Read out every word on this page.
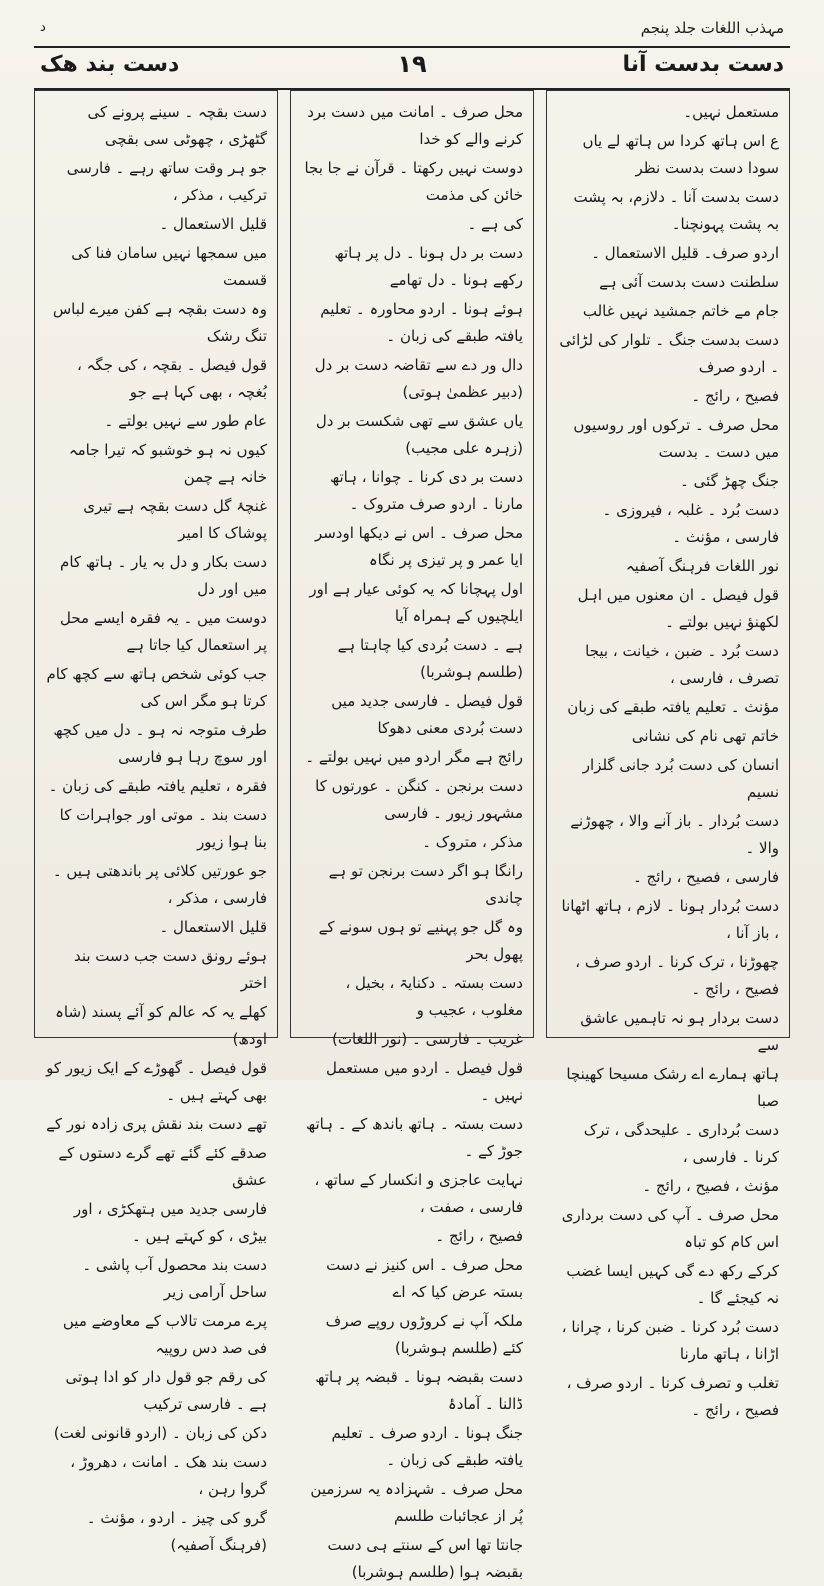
مہذب اللغات جلد پنجم
د
دست بدست آنا
١٩
دست بند ھک

مستعمل نہیں۔

ع اس ہاتھ کردا س ہاتھ لے یاں سودا دست بدست نظر

دست بدست آنا ۔ دلازم، بہ پشت بہ پشت پہونچنا۔

اردو صرف۔ قلیل الاستعمال ۔

سلطنت دست بدست آئی ہے

جام مے خاتم جمشید نہیں غالب

دست بدست جنگ ۔ تلوار کی لڑائی ۔ اردو صرف

فصیح ، رائج ۔

محل صرف ۔ ترکوں اور روسیوں میں دست ۔ بدست

جنگ چھڑ گئی ۔

دست بُرد ۔ غلبہ ، فیروزی ۔ فارسی ، مؤنث ۔

نور اللغات فرہنگ آصفیہ

قول فیصل ۔ ان معنوں میں اہل لکھنؤ نہیں بولتے ۔

دست بُرد ۔ ضبن ، خیانت ، بیجا تصرف ، فارسی ،

مؤنث ۔ تعلیم یافتہ طبقے کی زبان

خاتم تھی نام کی نشانی

انسان کی دست بُرد جانی گلزار نسیم

دست بُردار ۔ باز آنے والا ، چھوڑنے والا ۔

فارسی ، فصیح ، رائج ۔

دست بُردار ہونا ۔ لازم ، ہاتھ اٹھانا ، باز آنا ،

چھوڑنا ، ترک کرنا ۔ اردو صرف ، فصیح ، رائج ۔

دست بردار ہو نہ تاہمیں عاشق سے

ہاتھ ہمارے اے رشک مسیحا کھینچا صبا

دست بُرداری ۔ علیحدگی ، ترک کرنا ۔ فارسی ،

مؤنث ، فصیح ، رائج ۔

محل صرف ۔ آپ کی دست برداری اس کام کو تباہ

کرکے رکھ دے گی کہیں ایسا غضب نہ کیجئے گا ۔

دست بُرد کرنا ۔ ضبن کرنا ، چرانا ، اڑانا ، ہاتھ مارنا

تغلب و تصرف کرنا ۔ اردو صرف ، فصیح ، رائج ۔

محل صرف ۔ امانت میں دست برد کرنے والے کو خدا

دوست نہیں رکھتا ۔ قرآن نے جا بجا خائن کی مذمت

کی ہے ۔

دست بر دل ہونا ۔ دل پر ہاتھ رکھے ہونا ۔ دل تھامے

ہوئے ہونا ۔ اردو محاورہ ۔ تعلیم یافتہ طبقے کی زبان ۔

دال ور دے سے تقاضہ دست بر دل (دبیر عظمیٰ ہوتی)

یاں عشق سے تھی شکست بر دل (زہرہ علی مجیب)

دست بر دی کرنا ۔ چوانا ، ہاتھ مارنا ۔ اردو صرف متروک ۔

محل صرف ۔ اس نے دیکھا اودسر ایا عمر و پر تیزی پر نگاہ

اول پہچانا کہ یہ کوئی عیار ہے اور ایلچیوں کے ہمراہ آیا

ہے ۔ دست بُردی کیا چاہتا ہے (طلسم ہوشربا)

قول فیصل ۔ فارسی جدید میں دست بُردی معنی دھوکا

رائج ہے مگر اردو میں نہیں بولتے ۔

دست برنجن ۔ کنگن ۔ عورتوں کا مشہور زیور ۔ فارسی

مذکر ، متروک ۔

رانگا ہو اگر دست برنجن تو ہے چاندی

وہ گل جو پہنیے تو ہوں سونے کے پھول بحر

دست بستہ ۔ دکنایۃ ، بخیل ، مغلوب ، عجیب و

غریب ۔ فارسی ۔ (نور اللغات)

قول فیصل ۔ اردو میں مستعمل نہیں ۔

دست بستہ ۔ ہاتھ باندھ کے ۔ ہاتھ جوڑ کے ۔

نہایت عاجزی و انکسار کے ساتھ ، فارسی ، صفت ،

فصیح ، رائج ۔

محل صرف ۔ اس کنیز نے دست بستہ عرض کیا کہ اے

ملکہ آپ نے کروڑوں روپے صرف کئے (طلسم ہوشربا)

دست بقبضہ ہونا ۔ قبضہ پر ہاتھ ڈالنا ۔ آمادۂ

جنگ ہونا ۔ اردو صرف ۔ تعلیم یافتہ طبقے کی زبان ۔

محل صرف ۔ شہزادہ یہ سرزمین پُر از عجائبات طلسم

جانتا تھا اس کے سنتے ہی دست بقبضہ ہوا (طلسم ہوشربا)

دست بقچہ ۔ سینے پرونے کی گٹھڑی ، چھوٹی سی بقچی

جو ہر وقت ساتھ رہے ۔ فارسی ترکیب ، مذکر ،

قلیل الاستعمال ۔

میں سمجھا نہیں سامان فنا کی قسمت

وہ دست بقچہ ہے کفن میرے لباس تنگ رشک

قول فیصل ۔ بقچہ ، کی جگہ ، بُغچہ ، بھی کہا ہے جو

عام طور سے نہیں بولتے ۔

کیوں نہ ہو خوشبو کہ تیرا جامہ خانہ ہے چمن

غنچۂ گل دست بقچہ ہے تیری پوشاک کا امیر

دست بکار و دل بہ یار ۔ ہاتھ کام میں اور دل

دوست میں ۔ یہ فقرہ ایسے محل پر استعمال کیا جاتا ہے

جب کوئی شخص ہاتھ سے کچھ کام کرتا ہو مگر اس کی

طرف متوجہ نہ ہو ۔ دل میں کچھ اور سوچ رہا ہو فارسی

فقرہ ، تعلیم یافتہ طبقے کی زبان ۔

دست بند ۔ موتی اور جواہرات کا بنا ہوا زیور

جو عورتیں کلائی پر باندھتی ہیں ۔ فارسی ، مذکر ،

قلیل الاستعمال ۔

ہوئے رونق دست جب دست بند اختر

کھلے یہ کہ عالم کو آئے پسند (شاہ اودھ)

قول فیصل ۔ گھوڑے کے ایک زیور کو بھی کہتے ہیں ۔

تھے دست بند نقش پری زادہ نور کے

صدقے کئے گئے تھے گرے دستوں کے عشق

فارسی جدید میں ہتھکڑی ، اور بیڑی ، کو کہتے ہیں ۔

دست بند محصول آب پاشی ۔ ساحل آرامی زیر

پرے مرمت تالاب کے معاوضے میں فی صد دس روپیہ

کی رقم جو قول دار کو ادا ہوتی ہے ۔ فارسی ترکیب

دکن کی زبان ۔ (اردو قانونی لغت)

دست بند ھک ۔ امانت ، دھروڑ ، گروا رہن ،

گرو کی چیز ۔ اردو ، مؤنث ۔ (فرہنگ آصفیہ)
